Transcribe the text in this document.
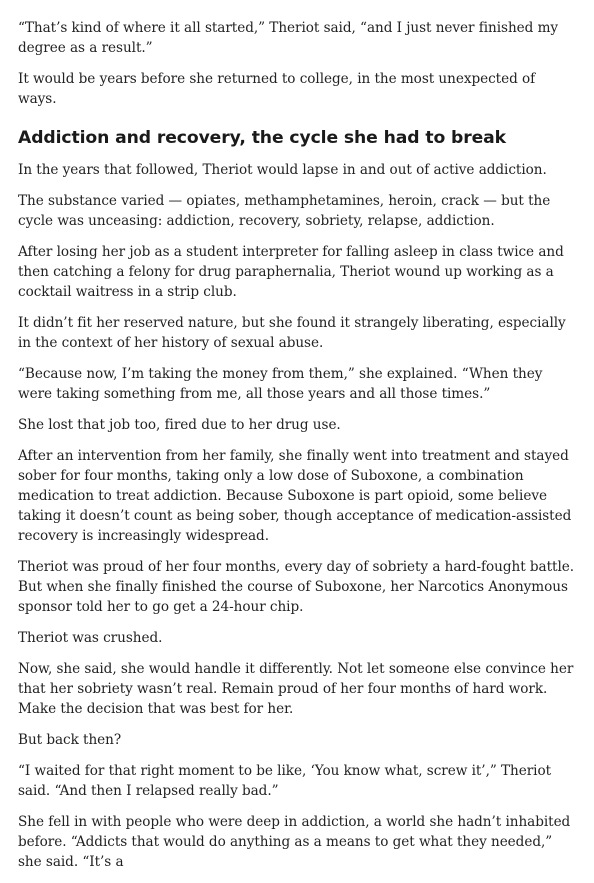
“That’s kind of where it all started,” Theriot said, “and I just never finished my degree as a result.”

It would be years before she returned to college, in the most unexpected of ways.

Addiction and recovery, the cycle she had to break

In the years that followed, Theriot would lapse in and out of active addiction.

The substance varied — opiates, methamphetamines, heroin, crack — but the cycle was unceasing: addiction, recovery, sobriety, relapse, addiction.

After losing her job as a student interpreter for falling asleep in class twice and then catching a felony for drug paraphernalia, Theriot wound up working as a cocktail waitress in a strip club.

It didn’t fit her reserved nature, but she found it strangely liberating, especially in the context of her history of sexual abuse.

“Because now, I’m taking the money from them,” she explained. “When they were taking something from me, all those years and all those times.”

She lost that job too, fired due to her drug use.

After an intervention from her family, she finally went into treatment and stayed sober for four months, taking only a low dose of Suboxone, a combination medication to treat addiction. Because Suboxone is part opioid, some believe taking it doesn’t count as being sober, though acceptance of medication-assisted recovery is increasingly widespread.

Theriot was proud of her four months, every day of sobriety a hard-fought battle. But when she finally finished the course of Suboxone, her Narcotics Anonymous sponsor told her to go get a 24-hour chip.

Theriot was crushed.

Now, she said, she would handle it differently. Not let someone else convince her that her sobriety wasn’t real. Remain proud of her four months of hard work. Make the decision that was best for her.

But back then?

“I waited for that right moment to be like, ‘You know what, screw it’,” Theriot said. “And then I relapsed really bad.”

She fell in with people who were deep in addiction, a world she hadn’t inhabited before. “Addicts that would do anything as a means to get what they needed,” she said. “It’s a
